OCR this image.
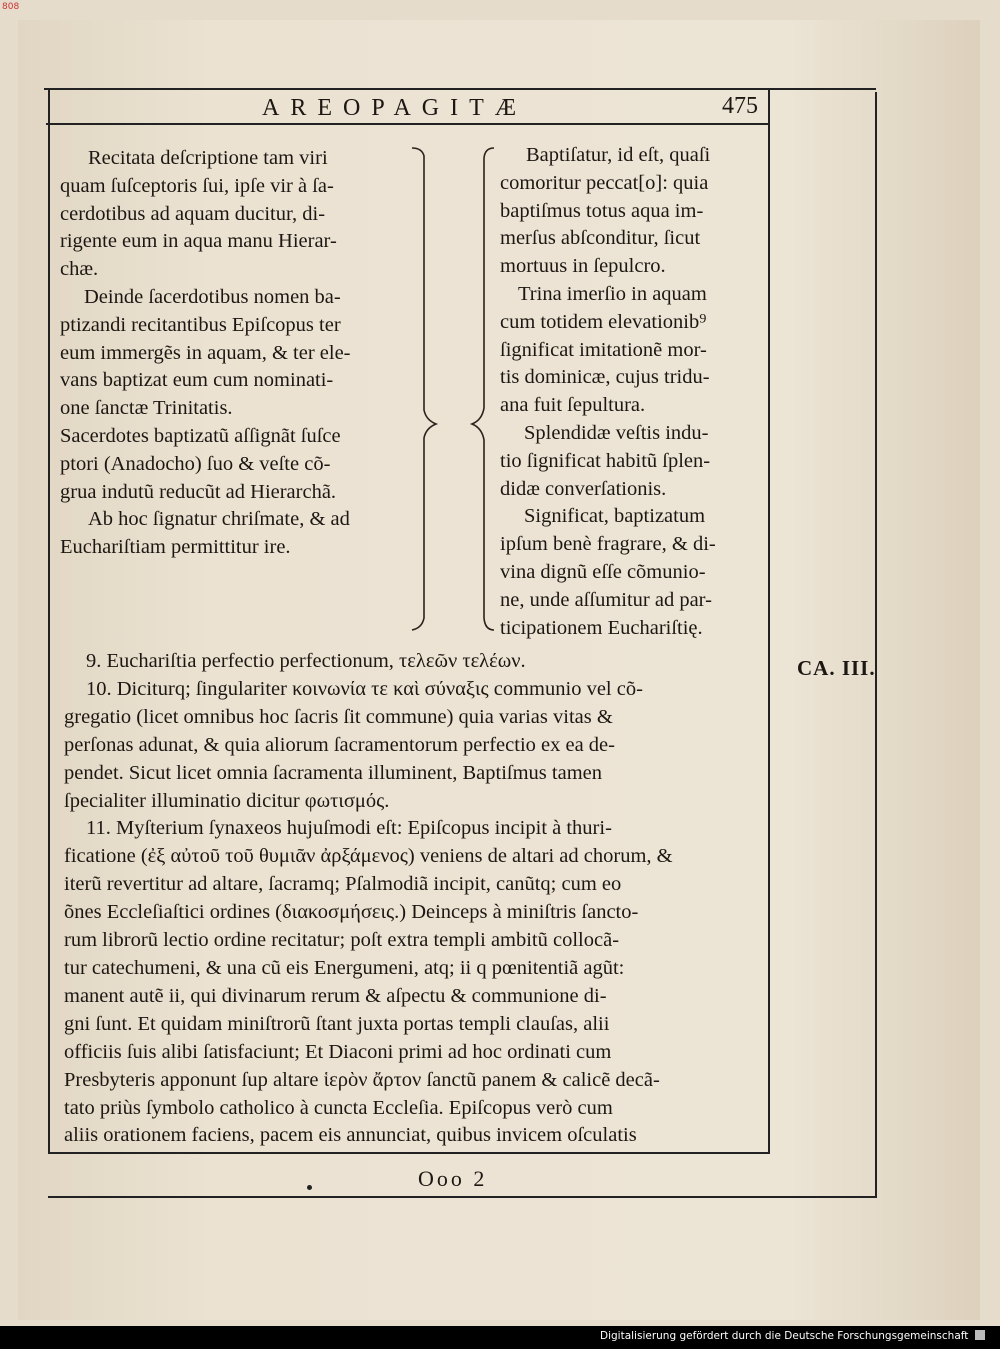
AREOPAGITÆ	475
Recitata deſcriptione tam viri
quam ſuſceptoris ſui, ipſe vir à ſa-
cerdotibus ad aquam ducitur, di-
rigente eum in aqua manu Hierar-
chæ.
Deinde ſacerdotibus nomen ba-
ptizandi recitantibus Epiſcopus ter
eum immergẽs in aquam, & ter ele-
vans baptizat eum cum nominati-
one ſanctæ Trinitatis.
Sacerdotes baptizatũ aſſignãt ſuſce
ptori (Anadocho) ſuo & veſte cõ-
grua indutũ reducũt ad Hierarchã.
Ab hoc ſignatur chriſmate, & ad
Euchariſtiam permittitur ire.
Baptiſatur, id eſt, quaſi
comoritur peccat[o]: quia
baptiſmus totus aqua im-
merſus abſconditur, ſicut
mortuus in ſepulcro.
Trina imerſio in aquam
cum totidem elevationib⁹
ſignificat imitationẽ mor-
tis dominicæ, cujus tridu-
ana fuit ſepultura.
Splendidæ veſtis indu-
tio ſignificat habitũ ſplen-
didæ converſationis.
Significat, baptizatum
ipſum benè fragrare, & di-
vina dignũ eſſe cõmunio-
ne, unde aſſumitur ad par-
ticipationem Euchariſtię.
9. Euchariſtia perfectio perfectionum, τελεῶν τελέων.
10. Diciturq; ſingulariter κοινωνία τε καὶ σύναξις communio vel cõ-
gregatio (licet omnibus hoc ſacris ſit commune) quia varias vitas &
perſonas adunat, & quia aliorum ſacramentorum perfectio ex ea de-
pendet. Sicut licet omnia ſacramenta illuminent, Baptiſmus tamen
ſpecialiter illuminatio dicitur φωτισμός.
11. Myſterium ſynaxeos hujuſmodi eſt: Epiſcopus incipit à thuri-
ficatione (ἐξ αὐτοῦ τοῦ θυμιᾶν ἀρξάμενος) veniens de altari ad chorum, &
iterũ revertitur ad altare, ſacramq; Pſalmodiã incipit, canũtq; cum eo
õnes Eccleſiaſtici ordines (διακοσμήσεις.) Deinceps à miniſtris ſancto-
rum librorũ lectio ordine recitatur; poſt extra templi ambitũ collocã-
tur catechumeni, & una cũ eis Energumeni, atq; ii q pœnitentiã agũt:
manent autẽ ii, qui divinarum rerum & aſpectu & communione di-
gni ſunt. Et quidam miniſtrorũ ſtant juxta portas templi clauſas, alii
officiis ſuis alibi ſatisfaciunt; Et Diaconi primi ad hoc ordinati cum
Presbyteris apponunt ſup altare ἱερὸν ἄρτον ſanctũ panem & calicẽ decã-
tato priùs ſymbolo catholico à cuncta Eccleſia. Epiſcopus verò cum
aliis orationem faciens, pacem eis annunciat, quibus invicem oſculatis
CA. III.
Ooo 2
808
Digitalisierung gefördert durch die Deutsche Forschungsgemeinschaft
